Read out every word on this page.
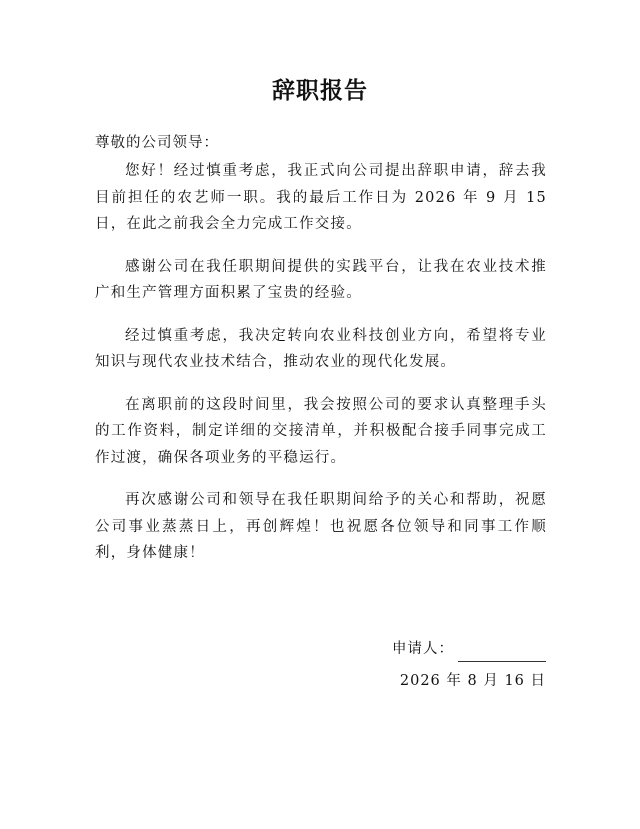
辞职报告
尊敬的公司领导：

您好！经过慎重考虑，我正式向公司提出辞职申请，辞去我目前担任的农艺师一职。我的最后工作日为 2026 年 9 月 15 日，在此之前我会全力完成工作交接。

感谢公司在我任职期间提供的实践平台，让我在农业技术推广和生产管理方面积累了宝贵的经验。

经过慎重考虑，我决定转向农业科技创业方向，希望将专业知识与现代农业技术结合，推动农业的现代化发展。

在离职前的这段时间里，我会按照公司的要求认真整理手头的工作资料，制定详细的交接清单，并积极配合接手同事完成工作过渡，确保各项业务的平稳运行。

再次感谢公司和领导在我任职期间给予的关心和帮助，祝愿公司事业蒸蒸日上，再创辉煌！也祝愿各位领导和同事工作顺利，身体健康！

申请人：
2026 年 8 月 16 日
